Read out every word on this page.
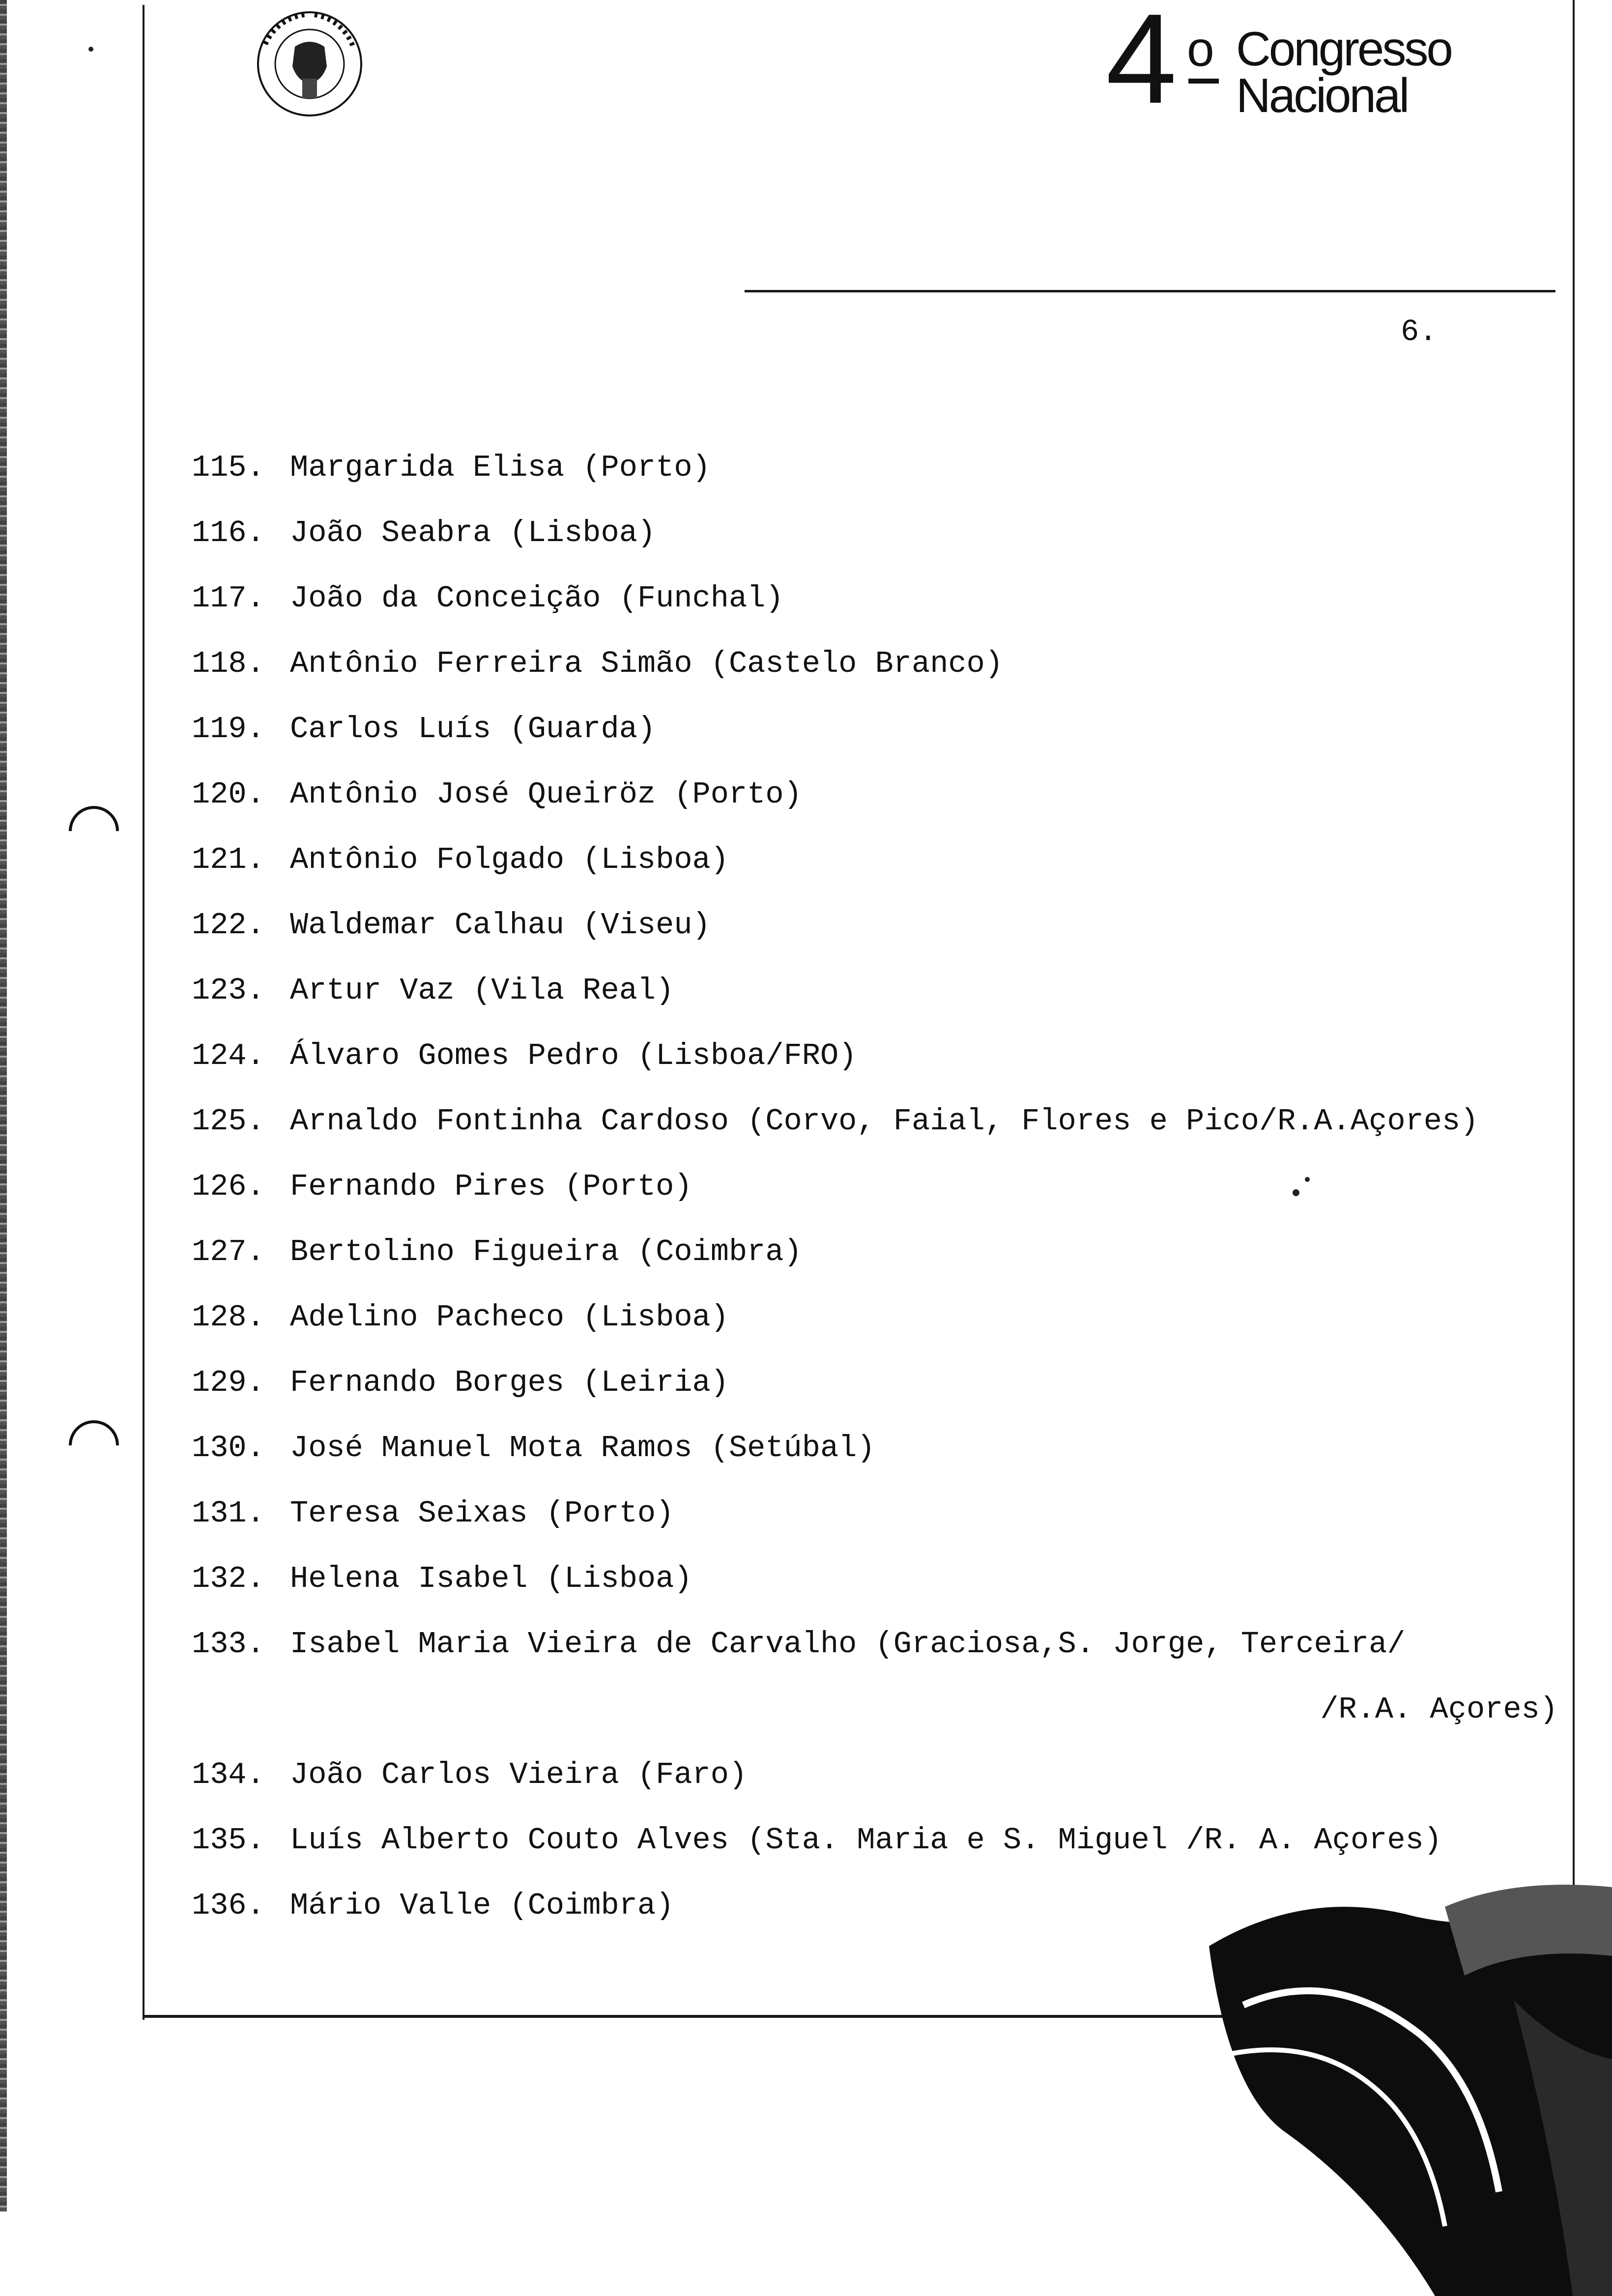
4 o Congresso
Nacional
6.
115. Margarida Elisa (Porto)
116. João Seabra (Lisboa)
117. João da Conceição (Funchal)
118. Antônio Ferreira Simão (Castelo Branco)
119. Carlos Luís (Guarda)
120. Antônio José Queiröz (Porto)
121. Antônio Folgado (Lisboa)
122. Waldemar Calhau (Viseu)
123. Artur Vaz (Vila Real)
124. Álvaro Gomes Pedro (Lisboa/FRO)
125. Arnaldo Fontinha Cardoso (Corvo, Faial, Flores e Pico/R.A.Açores)
126. Fernando Pires (Porto)
127. Bertolino Figueira (Coimbra)
128. Adelino Pacheco (Lisboa)
129. Fernando Borges (Leiria)
130. José Manuel Mota Ramos (Setúbal)
131. Teresa Seixas (Porto)
132. Helena Isabel (Lisboa)
133. Isabel Maria Vieira de Carvalho (Graciosa,S. Jorge, Terceira/
/R.A. Açores)
134. João Carlos Vieira (Faro)
135. Luís Alberto Couto Alves (Sta. Maria e S. Miguel /R. A. Açores)
136. Mário Valle (Coimbra)
